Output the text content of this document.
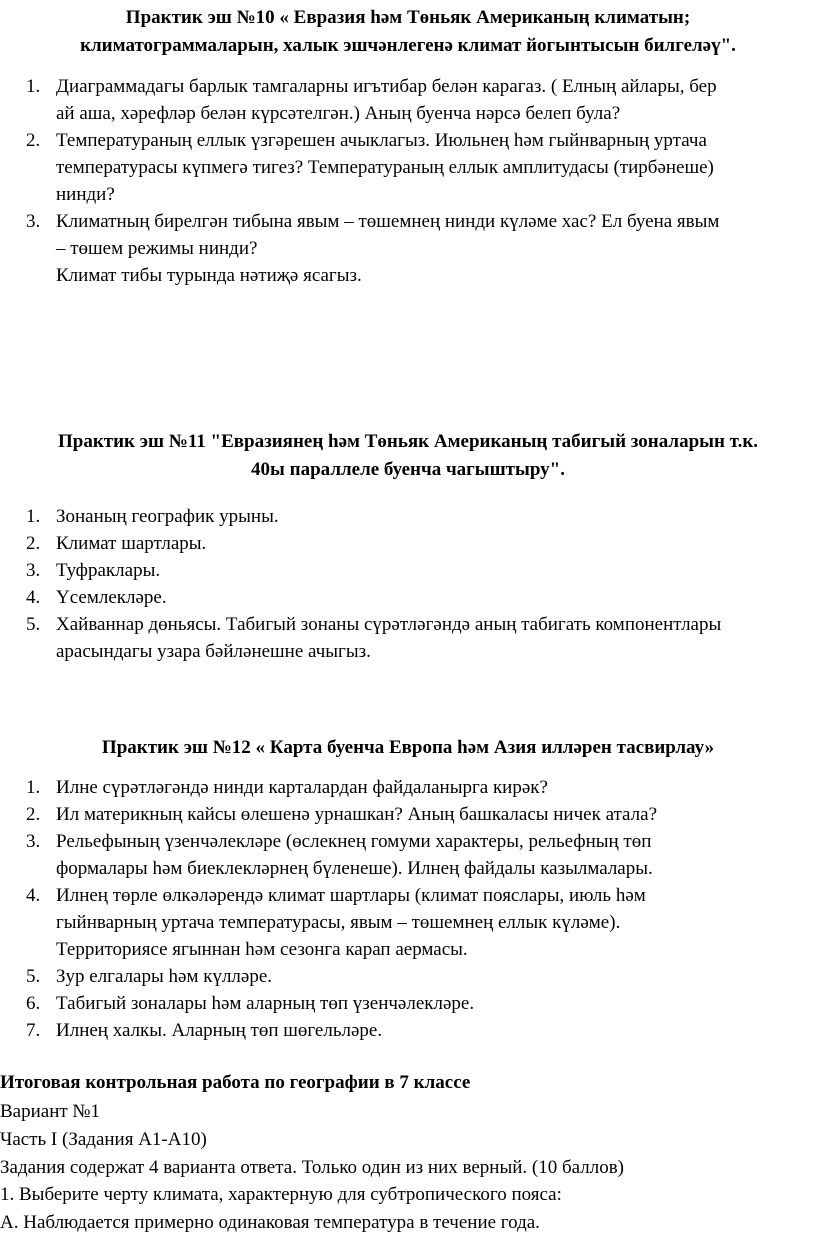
Практик эш №10 « Евразия һәм Төньяк Американың климатын;
климатограммаларын, халык эшчәнлегенә климат йогынтысын билгеләү".
1. Диаграммадагы барлык тамгаларны игътибар белән карагаз. ( Елның айлары, бер
ай аша, хәрефләр белән күрсәтелгән.) Аның буенча нәрсә белеп була?
2. Температураның еллык үзгәрешен ачыклагыз. Июльнең һәм гыйнварның уртача
температурасы күпмегә тигез? Температураның еллык амплитудасы (тирбәнеше)
нинди?
3. Климатның бирелгән тибына явым – төшемнең нинди күләме хас? Ел буена явым
– төшем режимы нинди?
Климат тибы турында нәтиҗә ясагыз.
Практик эш №11 "Евразиянең һәм Төньяк Американың табигый зоналарын т.к.
40ы параллеле буенча чагыштыру".
1. Зонаның географик урыны.
2. Климат шартлары.
3. Туфраклары.
4. Үсемлекләре.
5. Хайваннар дөньясы. Табигый зонаны сүрәтләгәндә аның табигать компонентлары
арасындагы узара бәйләнешне ачыгыз.
Практик эш №12 « Карта буенча Европа һәм Азия илләрен тасвирлау»
1. Илне сүрәтләгәндә нинди карталардан файдаланырга кирәк?
2. Ил материкның кайсы өлешенә урнашкан? Аның башкаласы ничек атала?
3. Рельефының үзенчәлекләре (өслекнең гомуми характеры, рельефның төп
формалары һәм биеклекләрнең бүленеше). Илнең файдалы казылмалары.
4. Илнең төрле өлкәләрендә климат шартлары (климат пояслары, июль һәм
гыйнварның уртача температурасы, явым – төшемнең еллык күләме).
Территориясе ягыннан һәм сезонга карап аермасы.
5. Зур елгалары һәм күлләре.
6. Табигый зоналары һәм аларның төп үзенчәлекләре.
7. Илнең халкы. Аларның төп шөгельләре.

Итоговая контрольная работа по географии в 7 классе

Вариант №1

Часть I (Задания А1-А10)

Задания содержат 4 варианта ответа. Только один из них верный. (10 баллов)

1. Выберите черту климата, характерную для субтропического пояса:

А. Наблюдается примерно одинаковая температура в течение года.
